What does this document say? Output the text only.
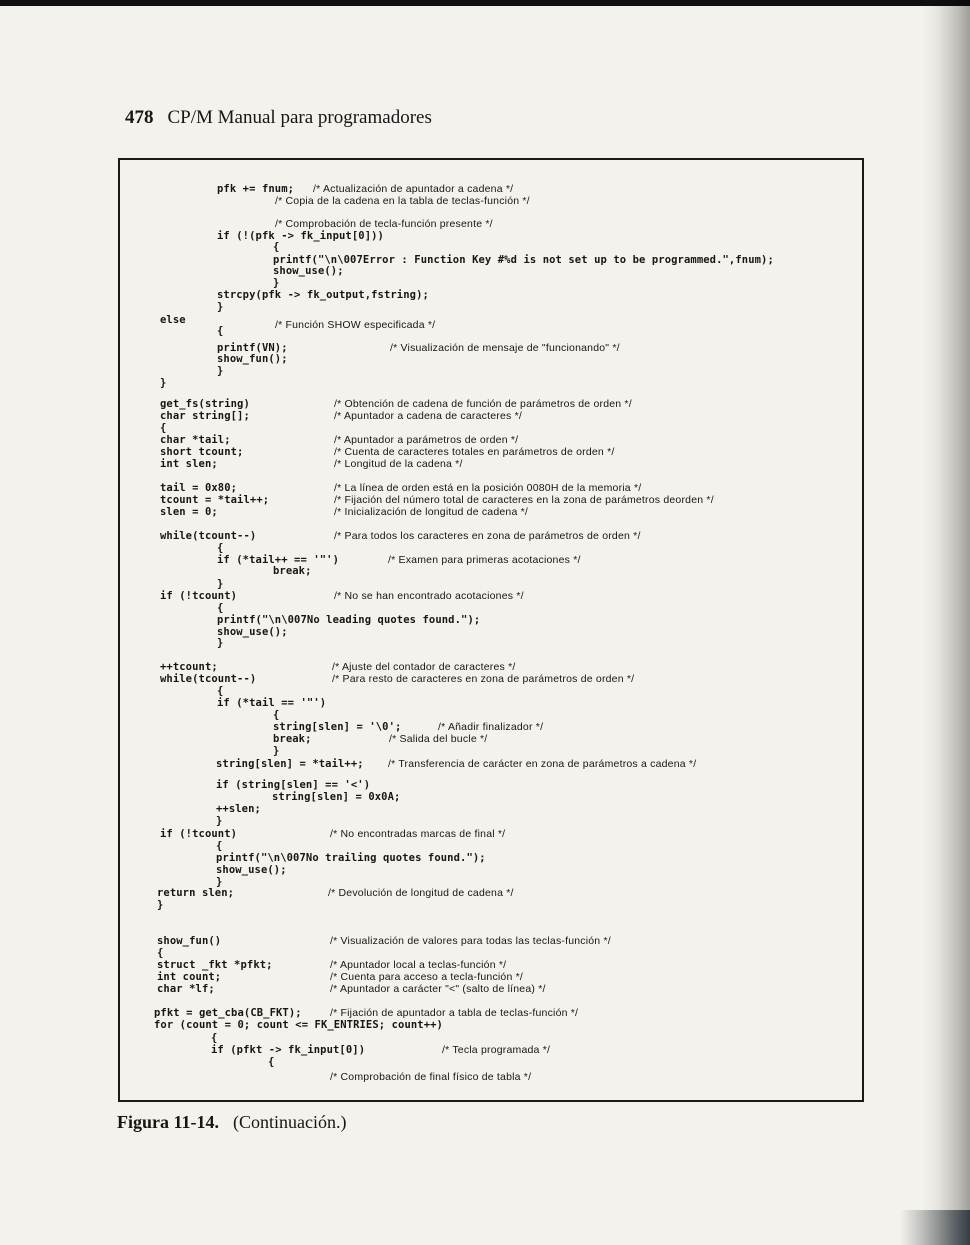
478 CP/M Manual para programadores
pfk += fnum; /* Actualización de apuntador a cadena */
/* Copia de la cadena en la tabla de teclas-función */
/* Comprobación de tecla-función presente */
if (!(pfk -> fk_input[0]))
{
printf("\n\007Error : Function Key #%d is not set up to be programmed.",fnum);
show_use();
}
strcpy(pfk -> fk_output,fstring);
}
else	/* Función SHOW especificada */
{
printf(VN);	/* Visualización de mensaje de "funcionando" */
show_fun();
}
}
get_fs(string)	/* Obtención de cadena de función de parámetros de orden */
char string[];	/* Apuntador a cadena de caracteres */
{
char *tail;	/* Apuntador a parámetros de orden */
short tcount;	/* Cuenta de caracteres totales en parámetros de orden */
int slen;	/* Longitud de la cadena */
tail = 0x80;	/* La línea de orden está en la posición 0080H de la memoria */
tcount = *tail++;	/* Fijación del número total de caracteres en la zona de parámetros deorden */
slen = 0;	/* Inicialización de longitud de cadena */
while(tcount--)	/* Para todos los caracteres en zona de parámetros de orden */
{
if (*tail++ == '"')	/* Examen para primeras acotaciones */
break;
}
if (!tcount)	/* No se han encontrado acotaciones */
{
printf("\n\007No leading quotes found.");
show_use();
}
++tcount;	/* Ajuste del contador de caracteres */
while(tcount--)	/* Para resto de caracteres en zona de parámetros de orden */
{
if (*tail == '"')
{
string[slen] = '\0';	/* Añadir finalizador */
break;	/* Salida del bucle */
}
string[slen] = *tail++; /* Transferencia de carácter en zona de parámetros a cadena */
if (string[slen] == '<')
string[slen] = 0x0A;
++slen;
}
if (!tcount)	/* No encontradas marcas de final */
{
printf("\n\007No trailing quotes found.");
show_use();
}
return slen;	/* Devolución de longitud de cadena */
}
show_fun()	/* Visualización de valores para todas las teclas-función */
{
struct _fkt *pfkt;	/* Apuntador local a teclas-función */
int count;	/* Cuenta para acceso a tecla-función */
char *lf;	/* Apuntador a carácter "<" (salto de línea) */
pfkt = get_cba(CB_FKT);	/* Fijación de apuntador a tabla de teclas-función */
for (count = 0; count <= FK_ENTRIES; count++)
{
if (pfkt -> fk_input[0])	/* Tecla programada */
{
/* Comprobación de final físico de tabla */
Figura 11-14. (Continuación.)
